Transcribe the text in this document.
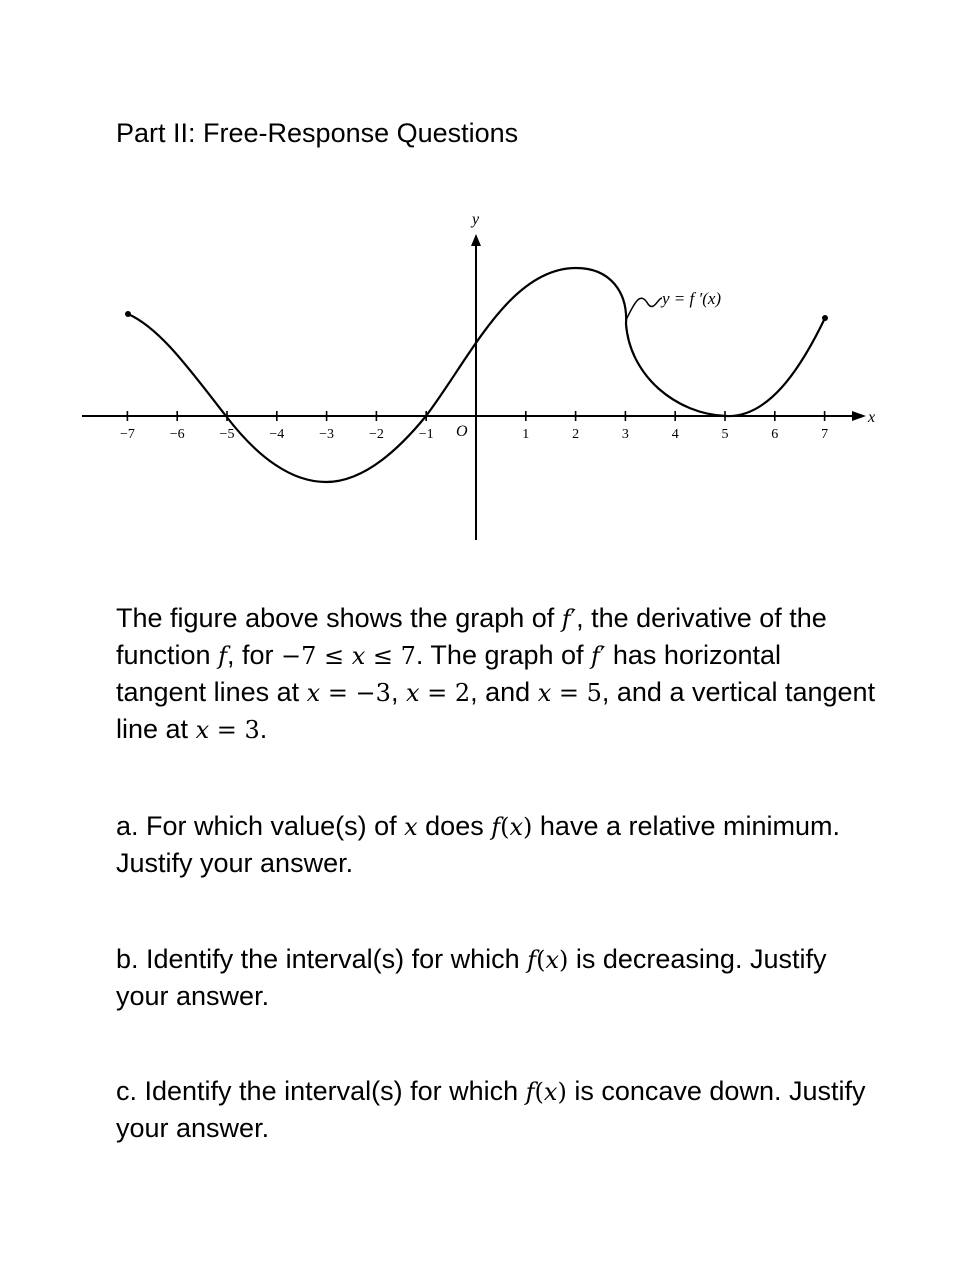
Part II: Free-Response Questions
x
y
O
−7 −6 −5 −4 −3 −2 −1	1	2	3	4	5	6	7
y = f ′(x)

The figure above shows the graph of f′, the derivative of the function f, for −7 ≤ x ≤ 7. The graph of f′ has horizontal tangent lines at x = −3, x = 2, and x = 5, and a vertical tangent line at x = 3.

a. For which value(s) of x does f(x) have a relative minimum. Justify your answer.

b. Identify the interval(s) for which f(x) is decreasing. Justify your answer.

c. Identify the interval(s) for which f(x) is concave down. Justify your answer.
